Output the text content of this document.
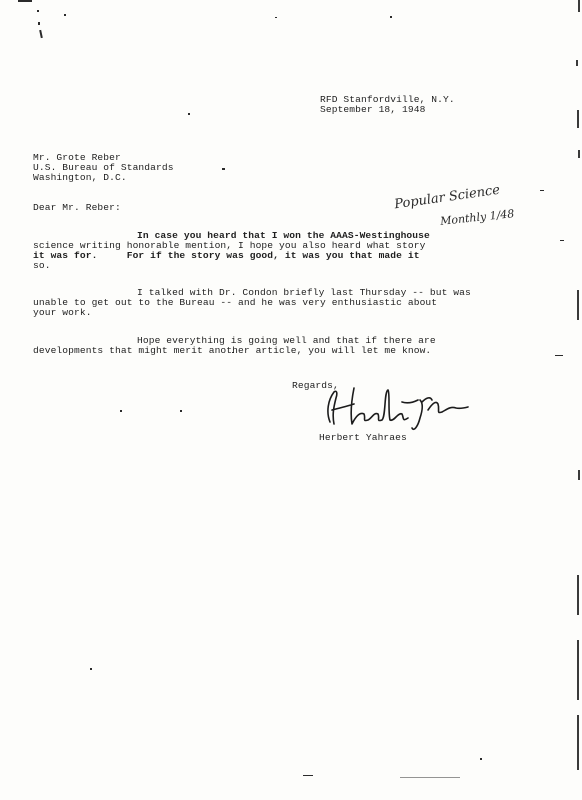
RFD Stanfordville, N.Y.
September 18, 1948
Mr. Grote Reber
U.S. Bureau of Standards
Washington, D.C.
Dear Mr. Reber:	Popular Science
Monthly 1/48
In case you heard that I won the AAAS-Westinghouse
science writing honorable mention, I hope you also heard what story
it was for.     For if the story was good, it was you that made it
so.
I talked with Dr. Condon briefly last Thursday -- but was
unable to get out to the Bureau -- and he was very enthusiastic about
your work.
Hope everything is going well and that if there are
developments that might merit another article, you will let me know.
Regards,
Herbert Yahraes
